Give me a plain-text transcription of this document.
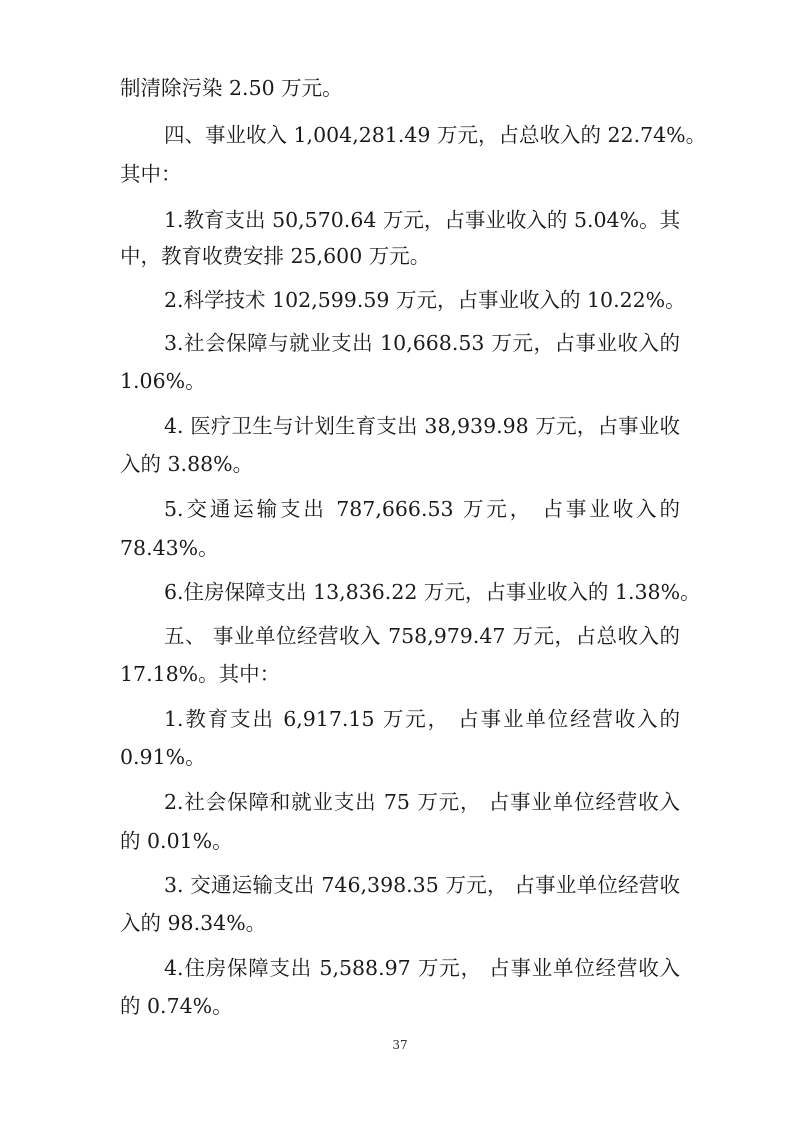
制清除污染 2.50 万元。
四、事业收入 1,004,281.49 万元，占总收入的 22.74%。
其中：
1.教育支出 50,570.64 万元，占事业收入的 5.04%。其
中，教育收费安排 25,600 万元。
2.科学技术 102,599.59 万元，占事业收入的 10.22%。
3.社会保障与就业支出 10,668.53 万元，占事业收入的
1.06%。
4. 医疗卫生与计划生育支出 38,939.98 万元，占事业收
入的 3.88%。
5.交通运输支出 787,666.53 万元， 占事业收入的
78.43%。
6.住房保障支出 13,836.22 万元，占事业收入的 1.38%。
五、 事业单位经营收入 758,979.47 万元，占总收入的
17.18%。其中：
1.教育支出 6,917.15 万元， 占事业单位经营收入的
0.91%。
2.社会保障和就业支出 75 万元， 占事业单位经营收入
的 0.01%。
3. 交通运输支出 746,398.35 万元， 占事业单位经营收
入的 98.34%。
4.住房保障支出 5,588.97 万元， 占事业单位经营收入
的 0.74%。
37
